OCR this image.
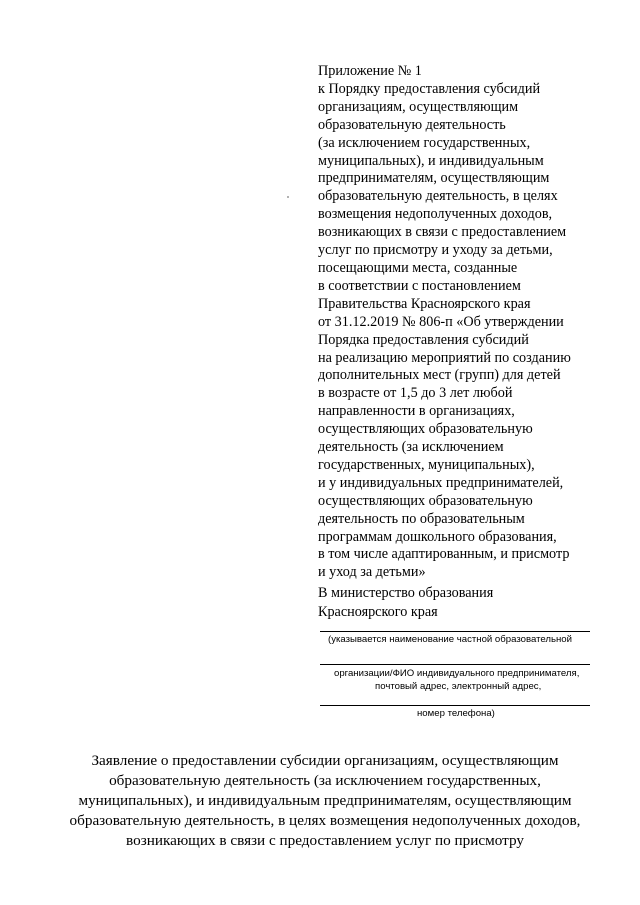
Приложение № 1
к Порядку предоставления субсидий
организациям, осуществляющим
образовательную деятельность
(за исключением государственных,
муниципальных), и индивидуальным
предпринимателям, осуществляющим
образовательную деятельность, в целях
возмещения недополученных доходов,
возникающих в связи с предоставлением
услуг по присмотру и уходу за детьми,
посещающими места, созданные
в соответствии с постановлением
Правительства Красноярского края
от 31.12.2019 № 806-п «Об утверждении
Порядка предоставления субсидий
на реализацию мероприятий по созданию
дополнительных мест (групп) для детей
в возрасте от 1,5 до 3 лет любой
направленности в организациях,
осуществляющих образовательную
деятельность (за исключением
государственных, муниципальных),
и у индивидуальных предпринимателей,
осуществляющих образовательную
деятельность по образовательным
программам дошкольного образования,
в том числе адаптированным, и присмотр
и уход за детьми»
В министерство образования
Красноярского края
(указывается наименование частной образовательной
организации/ФИО индивидуального предпринимателя,
почтовый адрес, электронный адрес,
номер телефона)
Заявление о предоставлении субсидии организациям, осуществляющим
образовательную деятельность (за исключением государственных,
муниципальных), и индивидуальным предпринимателям, осуществляющим
образовательную деятельность, в целях возмещения недополученных доходов,
возникающих в связи с предоставлением услуг по присмотру
